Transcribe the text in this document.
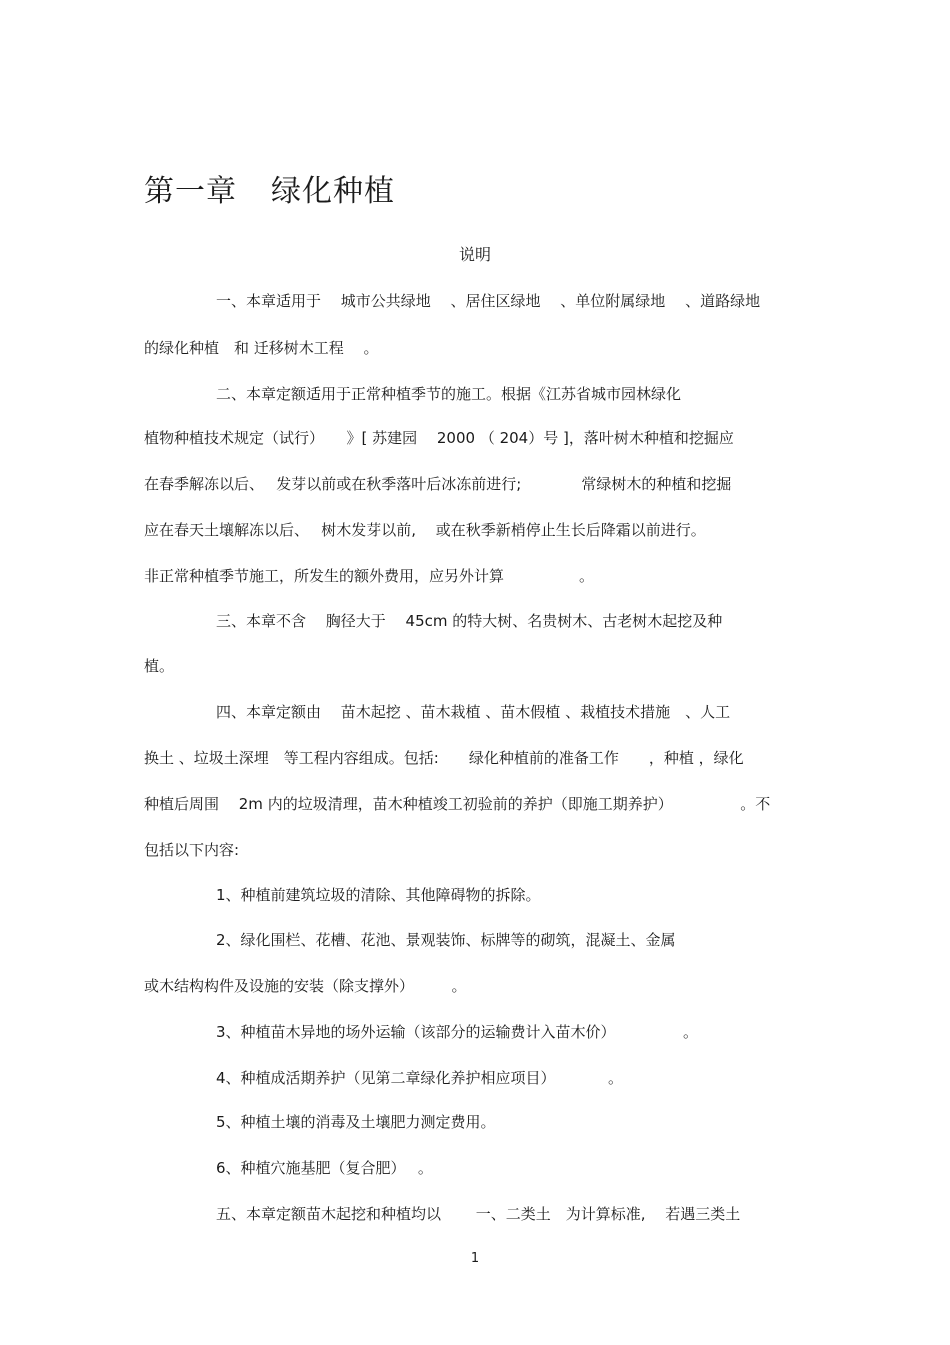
第一章 绿化种植
说明
一、本章适用于　 城市公共绿地　 、居住区绿地　 、单位附属绿地　 、道路绿地
的绿化种植　和 迁移树木工程　 。
二、本章定额适用于正常种植季节的施工。根据《江苏省城市园林绿化
植物种植技术规定（试行）　　》[ 苏建园　 2000 （ 204）号 ]，落叶树木种植和挖掘应
在春季解冻以后、　 发芽以前或在秋季落叶后冰冻前进行;　　　　常绿树木的种植和挖掘
应在春天土壤解冻以后、　 树木发芽以前,　 或在秋季新梢停止生长后降霜以前进行。
非正常种植季节施工，所发生的额外费用，应另外计算　　　　　。
三、本章不含　 胸径大于　 45cm 的特大树、名贵树木、古老树木起挖及种
植。
四、本章定额由　 苗木起挖 、苗木栽植 、苗木假植 、栽植技术措施　、人工
换土 、垃圾土深埋　等工程内容组成。包括:　　绿化种植前的准备工作　　，种植 ，绿化
种植后周围　 2m 内的垃圾清理，苗木种植竣工初验前的养护（即施工期养护）　　　　　。不
包括以下内容:
1、种植前建筑垃圾的清除、其他障碍物的拆除。
2、绿化围栏、花槽、花池、景观装饰、标牌等的砌筑，混凝土、金属
或木结构构件及设施的安装（除支撑外）　　　。
3、种植苗木异地的场外运输（该部分的运输费计入苗木价）　　　　　。
4、种植成活期养护（见第二章绿化养护相应项目）　　　　。
5、种植土壤的消毒及土壤肥力测定费用。
6、种植穴施基肥（复合肥）　 。
五、本章定额苗木起挖和种植均以　　 一、二类土　为计算标准,　 若遇三类土
1
